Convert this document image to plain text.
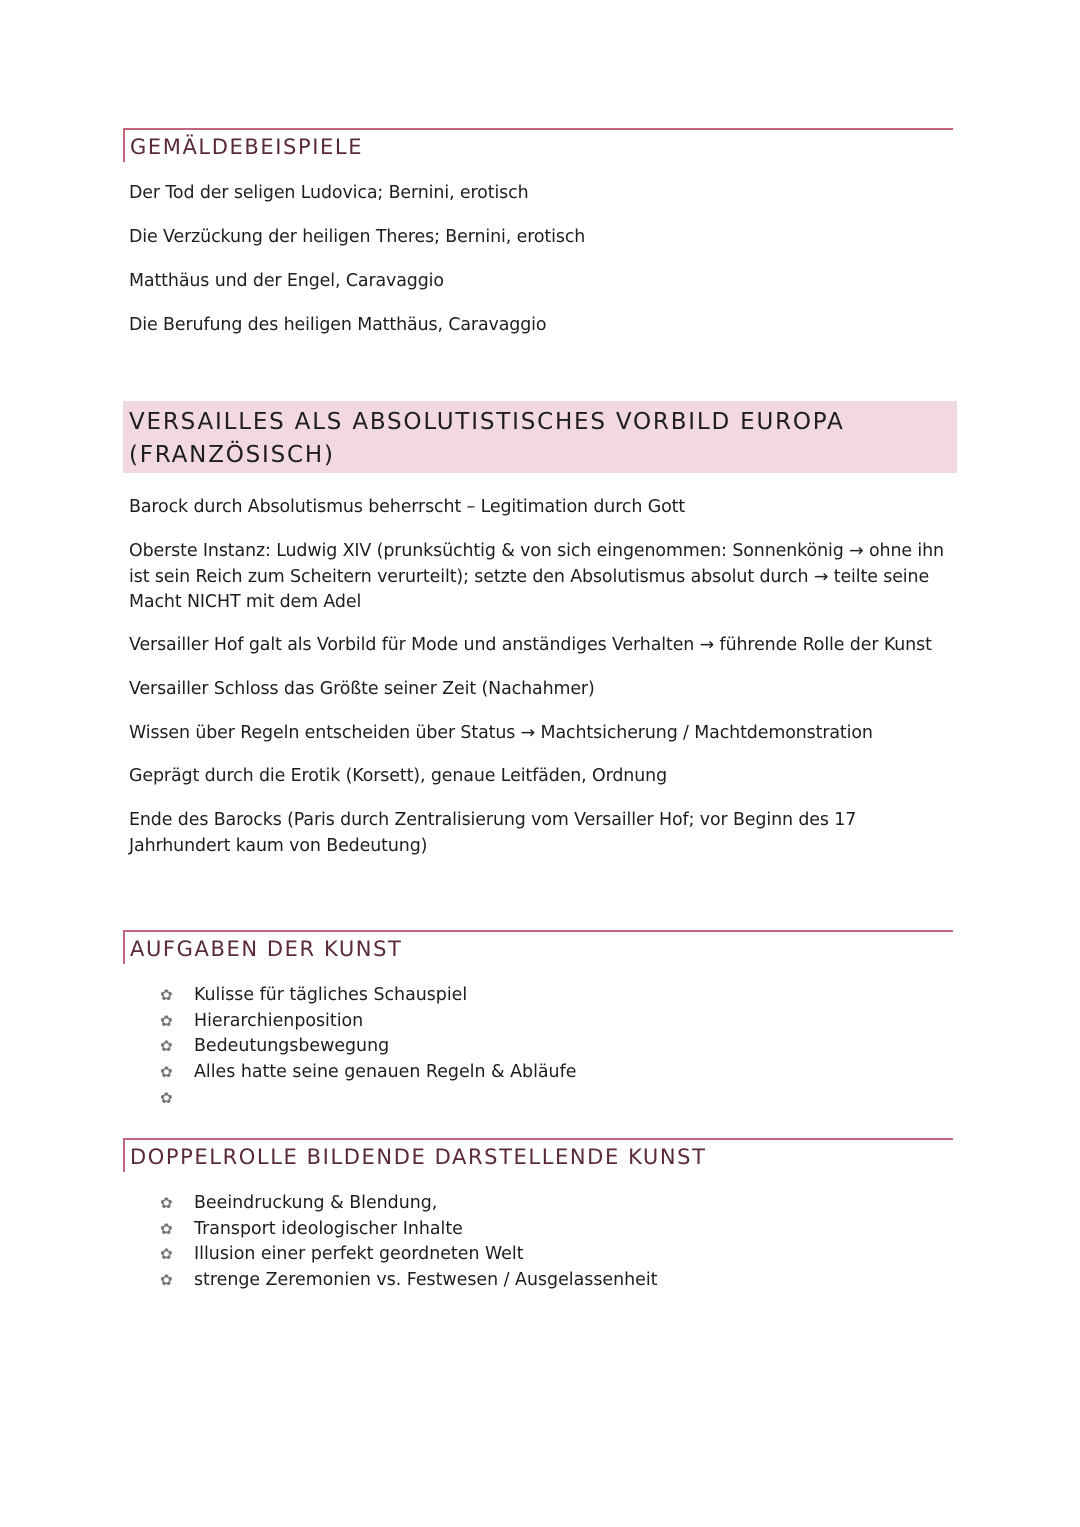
GEMÄLDEBEISPIELE
Der Tod der seligen Ludovica; Bernini, erotisch
Die Verzückung der heiligen Theres; Bernini, erotisch
Matthäus und der Engel, Caravaggio
Die Berufung des heiligen Matthäus, Caravaggio
VERSAILLES ALS ABSOLUTISTISCHES VORBILD EUROPA
(FRANZÖSISCH)
Barock durch Absolutismus beherrscht – Legitimation durch Gott
Oberste Instanz: Ludwig XIV (prunksüchtig & von sich eingenommen: Sonnenkönig → ohne ihn ist sein Reich zum Scheitern verurteilt); setzte den Absolutismus absolut durch → teilte seine Macht NICHT mit dem Adel
Versailler Hof galt als Vorbild für Mode und anständiges Verhalten → führende Rolle der Kunst
Versailler Schloss das Größte seiner Zeit (Nachahmer)
Wissen über Regeln entscheiden über Status → Machtsicherung / Machtdemonstration
Geprägt durch die Erotik (Korsett), genaue Leitfäden, Ordnung
Ende des Barocks (Paris durch Zentralisierung vom Versailler Hof; vor Beginn des 17 Jahrhundert kaum von Bedeutung)
AUFGABEN DER KUNST
✿ Kulisse für tägliches Schauspiel
✿ Hierarchienposition
✿ Bedeutungsbewegung
✿ Alles hatte seine genauen Regeln & Abläufe
✿
DOPPELROLLE BILDENDE DARSTELLENDE KUNST
✿ Beeindruckung & Blendung,
✿ Transport ideologischer Inhalte
✿ Illusion einer perfekt geordneten Welt
✿ strenge Zeremonien vs. Festwesen / Ausgelassenheit
